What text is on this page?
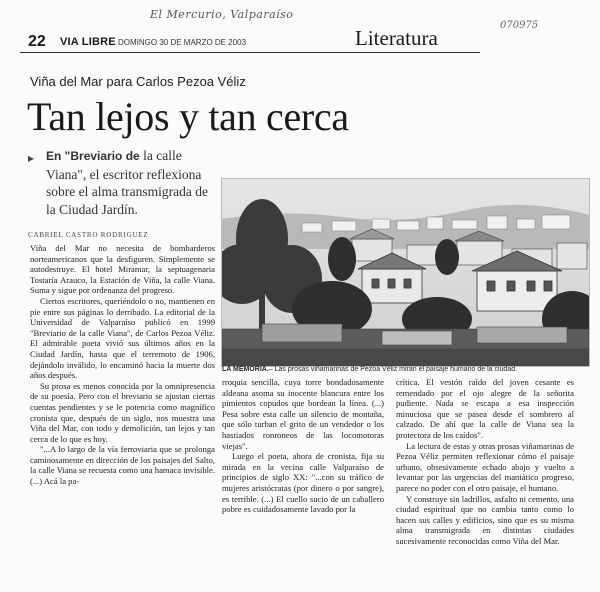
El Mercurio, Valparaíso
070975
22 VIA LIBRE DOMINGO 30 DE MARZO DE 2003	Literatura
Viña del Mar para Carlos Pezoa Véliz
Tan lejos y tan cerca
▸ En "Breviario de la calle Viana", el escritor reflexiona sobre el alma transmigrada de la Ciudad Jardín.
CABRIEL CASTRO RODRIGUEZ

Viña del Mar no necesita de bombarderos norteamericanos que la desfiguren. Simplemente se autodestruye. El hotel Miramar, la septuagenaria Tostaría Arauco, la Estación de Viña, la calle Viana. Suma y sigue por ordenanza del progreso.

Ciertos escritores, queriéndolo o no, mantienen en pie entre sus páginas lo derribado. La editorial de la Universidad de Valparaíso publicó en 1999 "Breviario de la calle Viana", de Carlos Pezoa Véliz. El admirable poeta vivió sus últimos años en la Ciudad Jardín, hasta que el terremoto de 1906, dejándolo inválido, lo encaminó hacia la muerte dos años después.

Su prosa es menos conocida por la omnipresencia de su poesía. Pero con el breviario se ajustan ciertas cuentas pendientes y se le potencia como magnífico cronista que, después de un siglo, nos muestra una Viña del Mar, con todo y demolición, tan lejos y tan cerca de lo que es hoy.

"...A lo largo de la vía ferroviaria que se prolonga caminosamente en dirección de los paisajes del Salto, la calle Viana se recuesta como una hamaca invisible. (...) Acá la pa-

LA MEMORIA.– Las prosas viñamarinas de Pezoa Véliz miran el paisaje humano de la ciudad.

rroquia sencilla, cuya torre bondadosamente aldeana asoma su inocente blancura entre los pimientos copudos que bordean la línea. (...) Pesa sobre esta calle un silencio de montaña, que sólo turban el grito de un vendedor o los hastiados ronroneos de las locomotoras viejas".

Luego el poeta, ahora de cronista, fija su mirada en la vecina calle Valparaíso de principios de siglo XX: "...con su tráfico de mujeres aristócratas (por dinero o por sangre), es terrible. (...) El cuello sucio de un caballero pobre es cuidadosamente lavado por la

crítica. El vestón raído del joven cesante es remendado por el ojo alegre de la señorita pudiente. Nada se escapa a esa inspección minuciosa que se pasea desde el sombrero al calzado. De ahí que la calle de Viana sea la protectora de los caídos".

La lectura de estas y otras prosas viñamarinas de Pezoa Véliz permiten reflexionar cómo el paisaje urbano, obsesivamente echado abajo y vuelto a levantar por las urgencias del maniático progreso, parece no poder con el otro paisaje, el humano.

Y construye sin ladrillos, asfalto ni cemento, una ciudad espiritual que no cambia tanto como lo hacen sus calles y edificios, sino que es su misma alma transmigrada en distintas ciudades sucesivamente reconocidas como Viña del Mar.
